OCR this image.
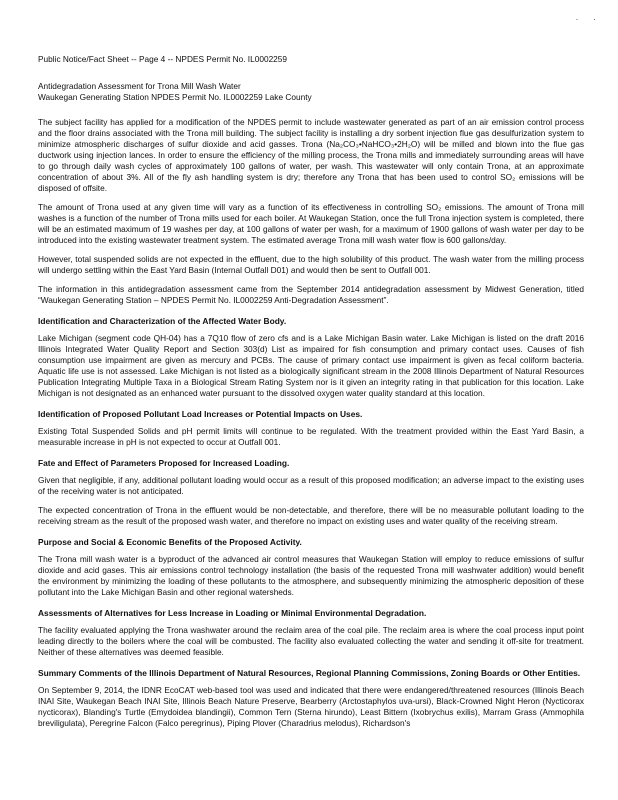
· ·
Public Notice/Fact Sheet -- Page 4 -- NPDES Permit No. IL0002259
Antidegradation Assessment for Trona Mill Wash Water
Waukegan Generating Station NPDES Permit No. IL0002259 Lake County

The subject facility has applied for a modification of the NPDES permit to include wastewater generated as part of an air emission control process and the floor drains associated with the Trona mill building. The subject facility is installing a dry sorbent injection flue gas desulfurization system to minimize atmospheric discharges of sulfur dioxide and acid gasses. Trona (Na₂CO₃•NaHCO₃•2H₂O) will be milled and blown into the flue gas ductwork using injection lances. In order to ensure the efficiency of the milling process, the Trona mills and immediately surrounding areas will have to go through daily wash cycles of approximately 100 gallons of water, per wash. This wastewater will only contain Trona, at an approximate concentration of about 3%. All of the fly ash handling system is dry; therefore any Trona that has been used to control SO₂ emissions will be disposed of offsite.

The amount of Trona used at any given time will vary as a function of its effectiveness in controlling SO₂ emissions. The amount of Trona mill washes is a function of the number of Trona mills used for each boiler. At Waukegan Station, once the full Trona injection system is completed, there will be an estimated maximum of 19 washes per day, at 100 gallons of water per wash, for a maximum of 1900 gallons of wash water per day to be introduced into the existing wastewater treatment system. The estimated average Trona mill wash water flow is 600 gallons/day.

However, total suspended solids are not expected in the effluent, due to the high solubility of this product. The wash water from the milling process will undergo settling within the East Yard Basin (Internal Outfall D01) and would then be sent to Outfall 001.

The information in this antidegradation assessment came from the September 2014 antidegradation assessment by Midwest Generation, titled “Waukegan Generating Station – NPDES Permit No. IL0002259 Anti-Degradation Assessment”.

Identification and Characterization of the Affected Water Body.

Lake Michigan (segment code QH-04) has a 7Q10 flow of zero cfs and is a Lake Michigan Basin water. Lake Michigan is listed on the draft 2016 Illinois Integrated Water Quality Report and Section 303(d) List as impaired for fish consumption and primary contact uses. Causes of fish consumption use impairment are given as mercury and PCBs. The cause of primary contact use impairment is given as fecal coliform bacteria. Aquatic life use is not assessed. Lake Michigan is not listed as a biologically significant stream in the 2008 Illinois Department of Natural Resources Publication Integrating Multiple Taxa in a Biological Stream Rating System nor is it given an integrity rating in that publication for this location. Lake Michigan is not designated as an enhanced water pursuant to the dissolved oxygen water quality standard at this location.

Identification of Proposed Pollutant Load Increases or Potential Impacts on Uses.

Existing Total Suspended Solids and pH permit limits will continue to be regulated. With the treatment provided within the East Yard Basin, a measurable increase in pH is not expected to occur at Outfall 001.

Fate and Effect of Parameters Proposed for Increased Loading.

Given that negligible, if any, additional pollutant loading would occur as a result of this proposed modification; an adverse impact to the existing uses of the receiving water is not anticipated.

The expected concentration of Trona in the effluent would be non-detectable, and therefore, there will be no measurable pollutant loading to the receiving stream as the result of the proposed wash water, and therefore no impact on existing uses and water quality of the receiving stream.

Purpose and Social & Economic Benefits of the Proposed Activity.

The Trona mill wash water is a byproduct of the advanced air control measures that Waukegan Station will employ to reduce emissions of sulfur dioxide and acid gases. This air emissions control technology installation (the basis of the requested Trona mill washwater addition) would benefit the environment by minimizing the loading of these pollutants to the atmosphere, and subsequently minimizing the atmospheric deposition of these pollutant into the Lake Michigan Basin and other regional watersheds.

Assessments of Alternatives for Less Increase in Loading or Minimal Environmental Degradation.

The facility evaluated applying the Trona washwater around the reclaim area of the coal pile. The reclaim area is where the coal process input point leading directly to the boilers where the coal will be combusted. The facility also evaluated collecting the water and sending it off-site for treatment. Neither of these alternatives was deemed feasible.

Summary Comments of the Illinois Department of Natural Resources, Regional Planning Commissions, Zoning Boards or Other Entities.

On September 9, 2014, the IDNR EcoCAT web-based tool was used and indicated that there were endangered/threatened resources (Illinois Beach INAI Site, Waukegan Beach INAI Site, Illinois Beach Nature Preserve, Bearberry (Arctostaphylos uva-ursi), Black-Crowned Night Heron (Nycticorax nycticorax), Blanding's Turtle (Emydoidea blandingii), Common Tern (Sterna hirundo), Least Bittern (Ixobrychus exilis), Marram Grass (Ammophila breviligulata), Peregrine Falcon (Falco peregrinus), Piping Plover (Charadrius melodus), Richardson's
